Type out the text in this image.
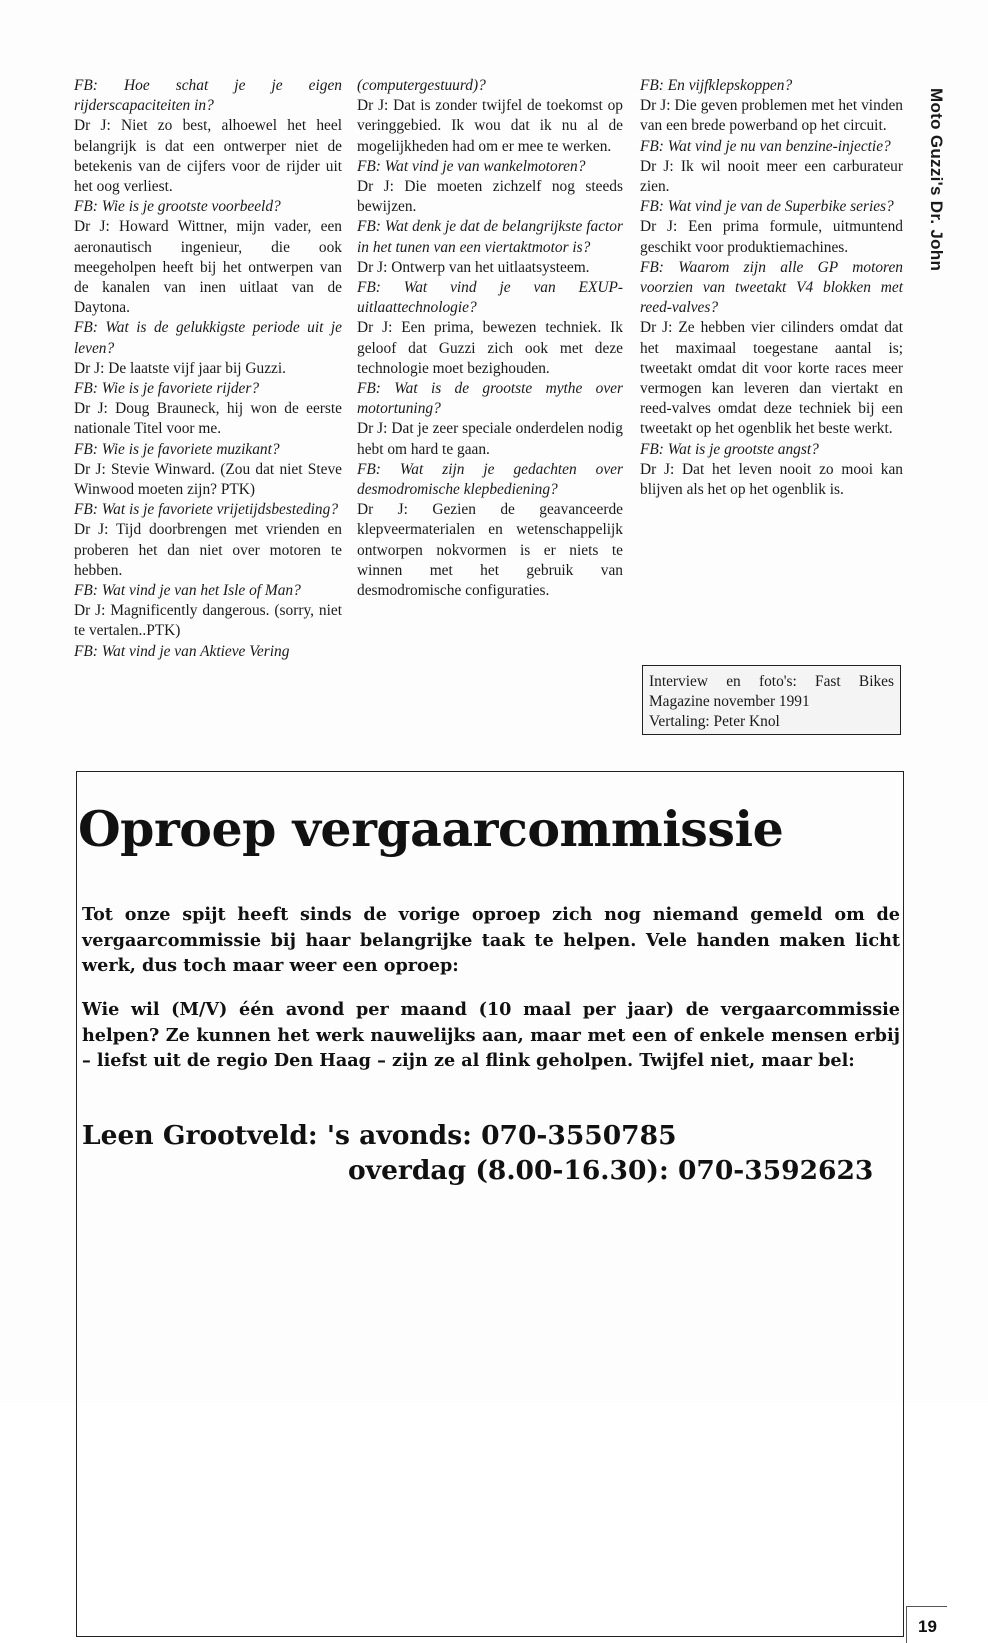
FB: Hoe schat je je eigen rijderscapaciteiten in?
Dr J: Niet zo best, alhoewel het heel belangrijk is dat een ontwerper niet de betekenis van de cijfers voor de rijder uit het oog verliest.
FB: Wie is je grootste voorbeeld?
Dr J: Howard Wittner, mijn vader, een aeronautisch ingenieur, die ook meegeholpen heeft bij het ontwerpen van de kanalen van inen uitlaat van de Daytona.
FB: Wat is de gelukkigste periode uit je leven?
Dr J: De laatste vijf jaar bij Guzzi.
FB: Wie is je favoriete rijder?
Dr J: Doug Brauneck, hij won de eerste nationale Titel voor me.
FB: Wie is je favoriete muzikant?
Dr J: Stevie Winward. (Zou dat niet Steve Winwood moeten zijn? PTK)
FB: Wat is je favoriete vrijetijdsbesteding?
Dr J: Tijd doorbrengen met vrienden en proberen het dan niet over motoren te hebben.
FB: Wat vind je van het Isle of Man?
Dr J: Magnificently dangerous. (sorry, niet te vertalen..PTK)
FB: Wat vind je van Aktieve Vering
(computergestuurd)?
Dr J: Dat is zonder twijfel de toekomst op veringgebied. Ik wou dat ik nu al de mogelijkheden had om er mee te werken.
FB: Wat vind je van wankelmotoren?
Dr J: Die moeten zichzelf nog steeds bewijzen.
FB: Wat denk je dat de belangrijkste factor in het tunen van een viertaktmotor is?
Dr J: Ontwerp van het uitlaatsysteem.
FB: Wat vind je van EXUP-uitlaattechnologie?
Dr J: Een prima, bewezen techniek. Ik geloof dat Guzzi zich ook met deze technologie moet bezighouden.
FB: Wat is de grootste mythe over motortuning?
Dr J: Dat je zeer speciale onderdelen nodig hebt om hard te gaan.
FB: Wat zijn je gedachten over desmodromische klepbediening?
Dr J: Gezien de geavanceerde klepveermaterialen en wetenschappelijk ontworpen nokvormen is er niets te winnen met het gebruik van desmodromische configuraties.
FB: En vijfklepskoppen?
Dr J: Die geven problemen met het vinden van een brede powerband op het circuit.
FB: Wat vind je nu van benzine-injectie?
Dr J: Ik wil nooit meer een carburateur zien.
FB: Wat vind je van de Superbike series?
Dr J: Een prima formule, uitmuntend geschikt voor produktiemachines.
FB: Waarom zijn alle GP motoren voorzien van tweetakt V4 blokken met reed-valves?
Dr J: Ze hebben vier cilinders omdat dat het maximaal toegestane aantal is; tweetakt omdat dit voor korte races meer vermogen kan leveren dan viertakt en reed-valves omdat deze techniek bij een tweetakt op het ogenblik het beste werkt.
FB: Wat is je grootste angst?
Dr J: Dat het leven nooit zo mooi kan blijven als het op het ogenblik is.
Interview en foto's: Fast Bikes Magazine november 1991
Vertaling: Peter Knol
Moto Guzzi's Dr. John
Oproep vergaarcommissie
Tot onze spijt heeft sinds de vorige oproep zich nog niemand gemeld om de vergaarcommissie bij haar belangrijke taak te helpen. Vele handen maken licht werk, dus toch maar weer een oproep:
Wie wil (M/V) één avond per maand (10 maal per jaar) de vergaarcommissie helpen? Ze kunnen het werk nauwelijks aan, maar met een of enkele mensen erbij – liefst uit de regio Den Haag – zijn ze al flink geholpen. Twijfel niet, maar bel:
Leen Grootveld: 's avonds: 070-3550785
overdag (8.00-16.30): 070-3592623
19
